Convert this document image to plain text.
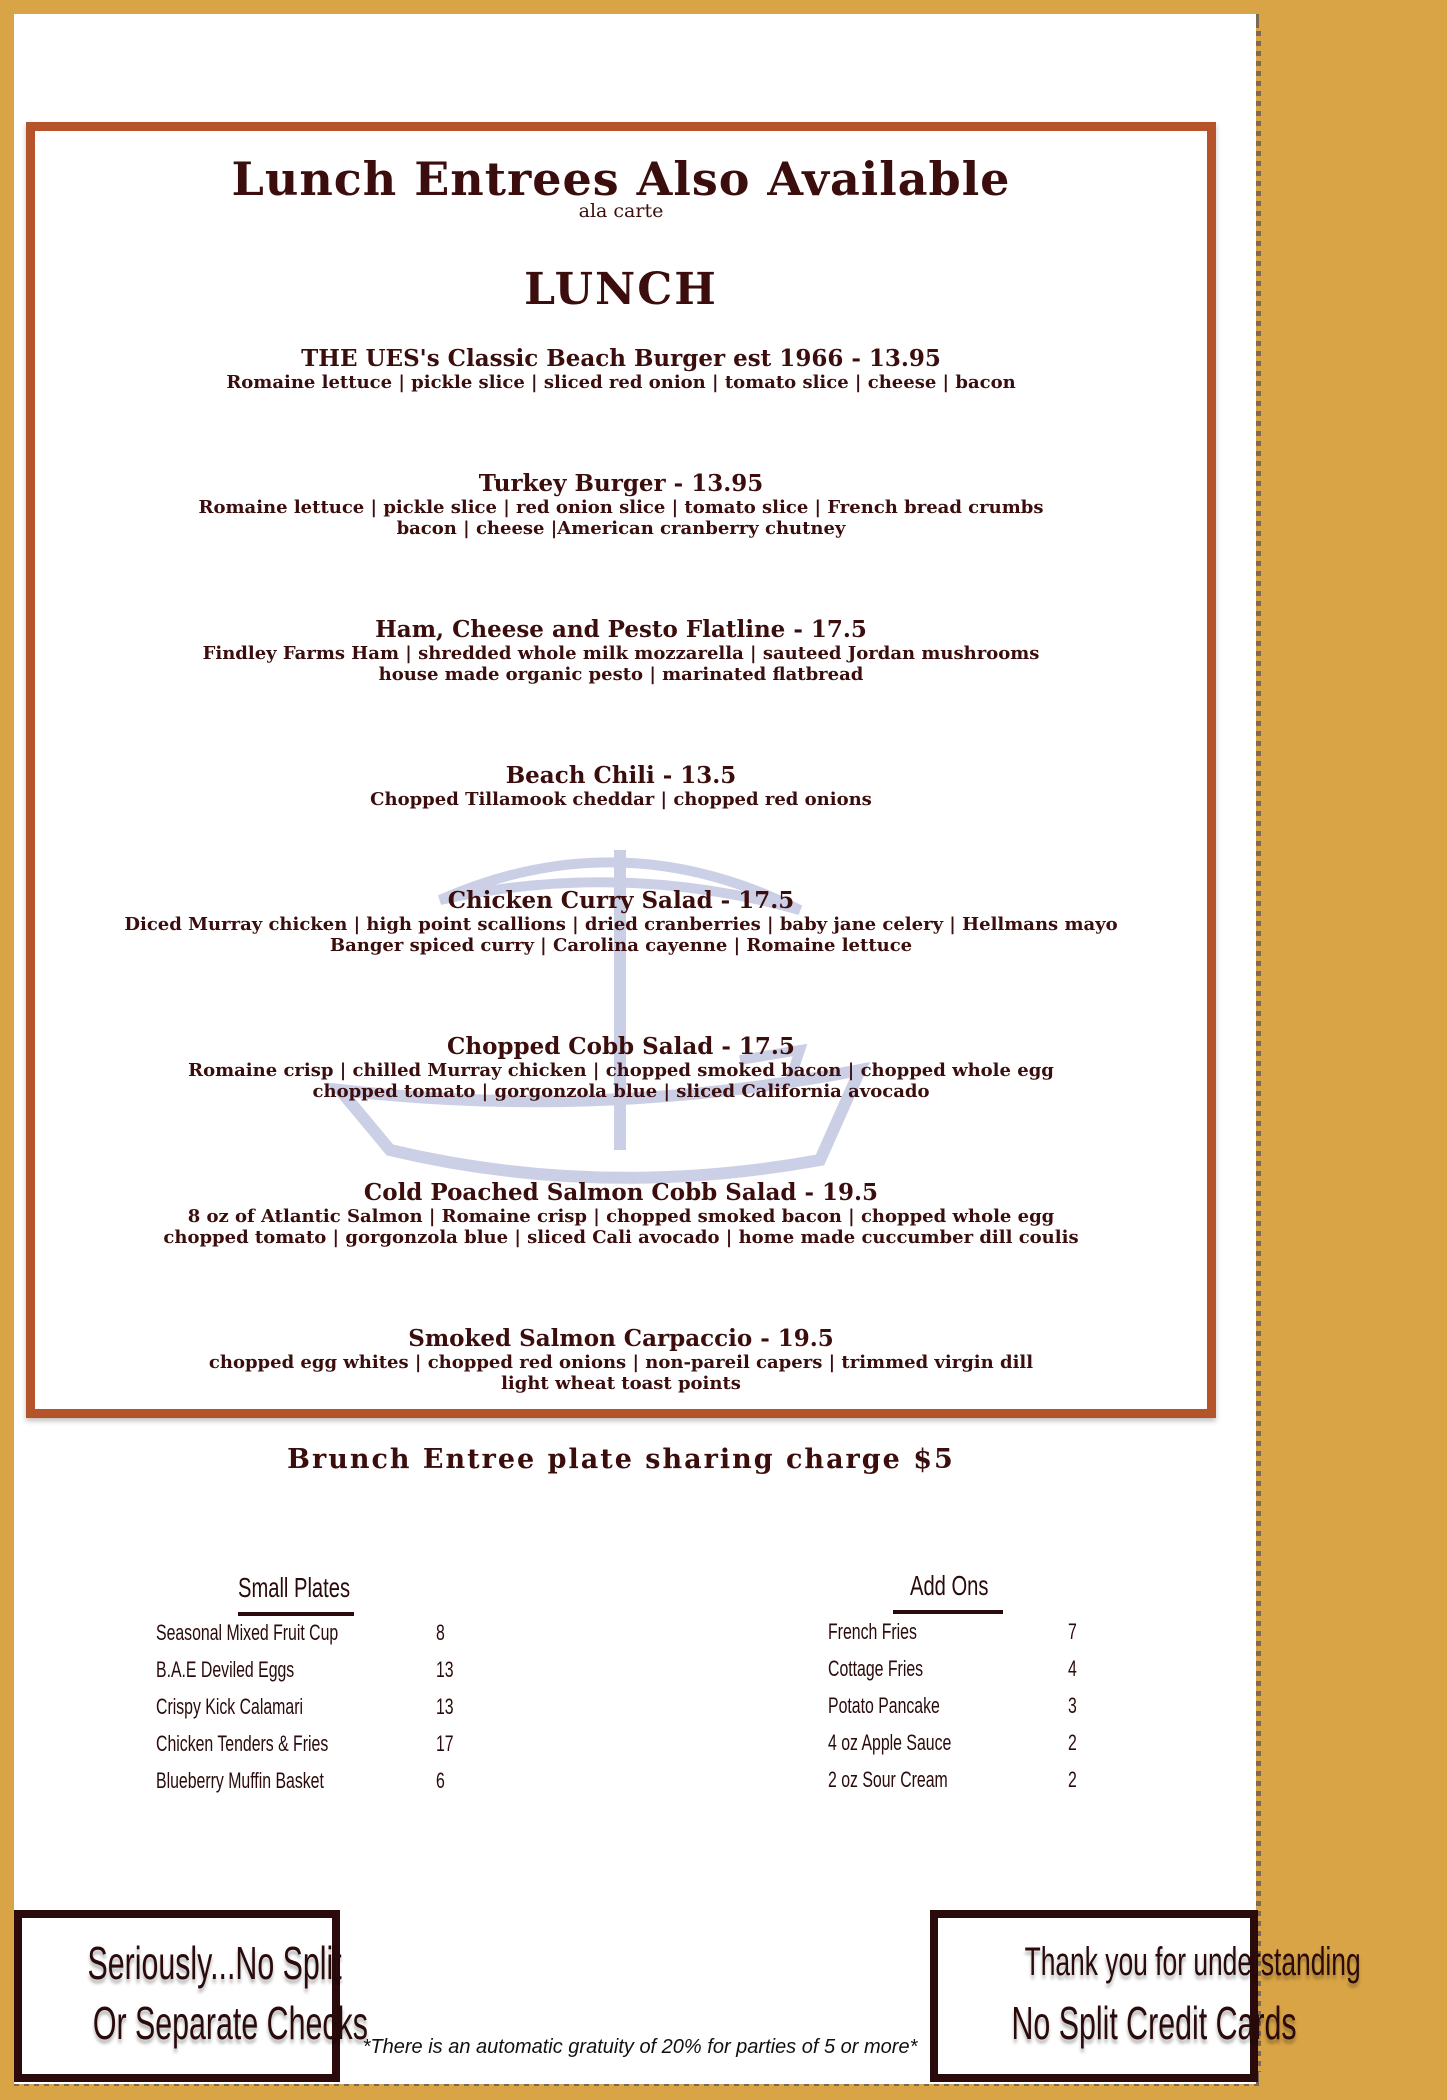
Lunch Entrees Also Available
ala carte
LUNCH
THE UES's Classic Beach Burger est 1966 - 13.95
Romaine lettuce | pickle slice | sliced red onion | tomato slice | cheese | bacon
Turkey Burger - 13.95
Romaine lettuce | pickle slice | red onion slice | tomato slice | French bread crumbs
bacon | cheese |American cranberry chutney
Ham, Cheese and Pesto Flatline - 17.5
Findley Farms Ham | shredded whole milk mozzarella | sauteed Jordan mushrooms
house made organic pesto | marinated flatbread
Beach Chili - 13.5
Chopped Tillamook cheddar | chopped red onions
Chicken Curry Salad - 17.5
Diced Murray chicken | high point scallions | dried cranberries | baby jane celery | Hellmans mayo
Banger spiced curry | Carolina cayenne | Romaine lettuce
Chopped Cobb Salad - 17.5
Romaine crisp | chilled Murray chicken | chopped smoked bacon | chopped whole egg
chopped tomato | gorgonzola blue | sliced California avocado
Cold Poached Salmon Cobb Salad - 19.5
8 oz of Atlantic Salmon | Romaine crisp | chopped smoked bacon | chopped whole egg
chopped tomato | gorgonzola blue | sliced Cali avocado | home made cuccumber dill coulis
Smoked Salmon Carpaccio - 19.5
chopped egg whites | chopped red onions | non-pareil capers | trimmed virgin dill
light wheat toast points
Brunch Entree plate sharing charge $5
Small Plates
Seasonal Mixed Fruit Cup	8
B.A.E Deviled Eggs	13
Crispy Kick Calamari	13
Chicken Tenders & Fries	17
Blueberry Muffin Basket	6
Add Ons
French Fries	7
Cottage Fries	4
Potato Pancake	3
4 oz Apple Sauce	2
2 oz Sour Cream	2
Seriously...No Split
Or Separate Checks
Thank you for understanding
No Split Credit Cards
*There is an automatic gratuity of 20% for parties of 5 or more*
